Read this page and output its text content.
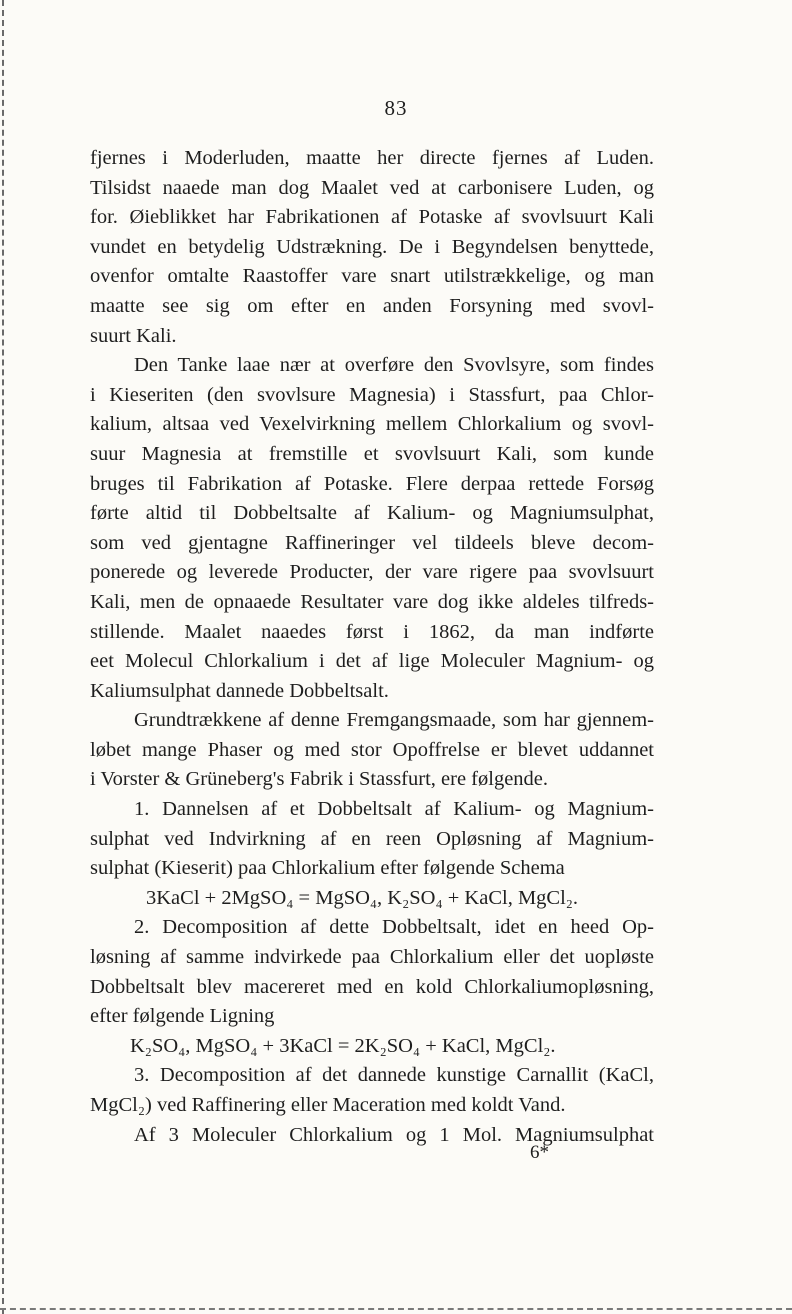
83

fjernes i Moderluden, maatte her directe fjernes af Luden.
Tilsidst naaede man dog Maalet ved at carbonisere Luden, og
for. Øieblikket har Fabrikationen af Potaske af svovlsuurt Kali
vundet en betydelig Udstrækning. De i Begyndelsen benyttede,
ovenfor omtalte Raastoffer vare snart utilstrækkelige, og man
maatte see sig om efter en anden Forsyning med svovl-
suurt Kali.

Den Tanke laae nær at overføre den Svovlsyre, som findes
i Kieseriten (den svovlsure Magnesia) i Stassfurt, paa Chlor-
kalium, altsaa ved Vexelvirkning mellem Chlorkalium og svovl-
suur Magnesia at fremstille et svovlsuurt Kali, som kunde
bruges til Fabrikation af Potaske. Flere derpaa rettede Forsøg
førte altid til Dobbeltsalte af Kalium- og Magniumsulphat,
som ved gjentagne Raffineringer vel tildeels bleve decom-
ponerede og leverede Producter, der vare rigere paa svovlsuurt
Kali, men de opnaaede Resultater vare dog ikke aldeles tilfreds-
stillende. Maalet naaedes først i 1862, da man indførte
eet Molecul Chlorkalium i det af lige Moleculer Magnium- og
Kaliumsulphat dannede Dobbeltsalt.

Grundtrækkene af denne Fremgangsmaade, som har gjennem-
løbet mange Phaser og med stor Opoffrelse er blevet uddannet
i Vorster & Grüneberg's Fabrik i Stassfurt, ere følgende.

1. Dannelsen af et Dobbeltsalt af Kalium- og Magnium-
sulphat ved Indvirkning af en reen Opløsning af Magnium-
sulphat (Kieserit) paa Chlorkalium efter følgende Schema

3KaCl + 2MgSO₄ = MgSO₄, K₂SO₄ + KaCl, MgCl₂.

2. Decomposition af dette Dobbeltsalt, idet en heed Op-
løsning af samme indvirkede paa Chlorkalium eller det uopløste
Dobbeltsalt blev macereret med en kold Chlorkaliumopløsning,
efter følgende Ligning

K₂SO₄, MgSO₄ + 3KaCl = 2K₂SO₄ + KaCl, MgCl₂.

3. Decomposition af det dannede kunstige Carnallit (KaCl,
MgCl₂) ved Raffinering eller Maceration med koldt Vand.

Af 3 Moleculer Chlorkalium og 1 Mol. Magniumsulphat

6*
